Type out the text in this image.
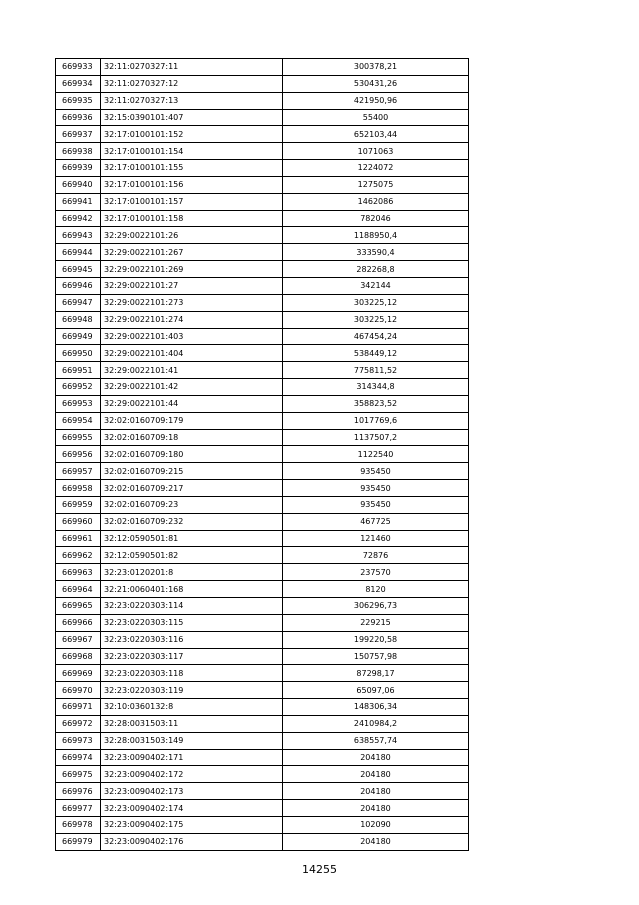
669933	32:11:0270327:11	300378,21
669934	32:11:0270327:12	530431,26
669935	32:11:0270327:13	421950,96
669936	32:15:0390101:407	55400
669937	32:17:0100101:152	652103,44
669938	32:17:0100101:154	1071063
669939	32:17:0100101:155	1224072
669940	32:17:0100101:156	1275075
669941	32:17:0100101:157	1462086
669942	32:17:0100101:158	782046
669943	32:29:0022101:26	1188950,4
669944	32:29:0022101:267	333590,4
669945	32:29:0022101:269	282268,8
669946	32:29:0022101:27	342144
669947	32:29:0022101:273	303225,12
669948	32:29:0022101:274	303225,12
669949	32:29:0022101:403	467454,24
669950	32:29:0022101:404	538449,12
669951	32:29:0022101:41	775811,52
669952	32:29:0022101:42	314344,8
669953	32:29:0022101:44	358823,52
669954	32:02:0160709:179	1017769,6
669955	32:02:0160709:18	1137507,2
669956	32:02:0160709:180	1122540
669957	32:02:0160709:215	935450
669958	32:02:0160709:217	935450
669959	32:02:0160709:23	935450
669960	32:02:0160709:232	467725
669961	32:12:0590501:81	121460
669962	32:12:0590501:82	72876
669963	32:23:0120201:8	237570
669964	32:21:0060401:168	8120
669965	32:23:0220303:114	306296,73
669966	32:23:0220303:115	229215
669967	32:23:0220303:116	199220,58
669968	32:23:0220303:117	150757,98
669969	32:23:0220303:118	87298,17
669970	32:23:0220303:119	65097,06
669971	32:10:0360132:8	148306,34
669972	32:28:0031503:11	2410984,2
669973	32:28:0031503:149	638557,74
669974	32:23:0090402:171	204180
669975	32:23:0090402:172	204180
669976	32:23:0090402:173	204180
669977	32:23:0090402:174	204180
669978	32:23:0090402:175	102090
669979	32:23:0090402:176	204180
14255
